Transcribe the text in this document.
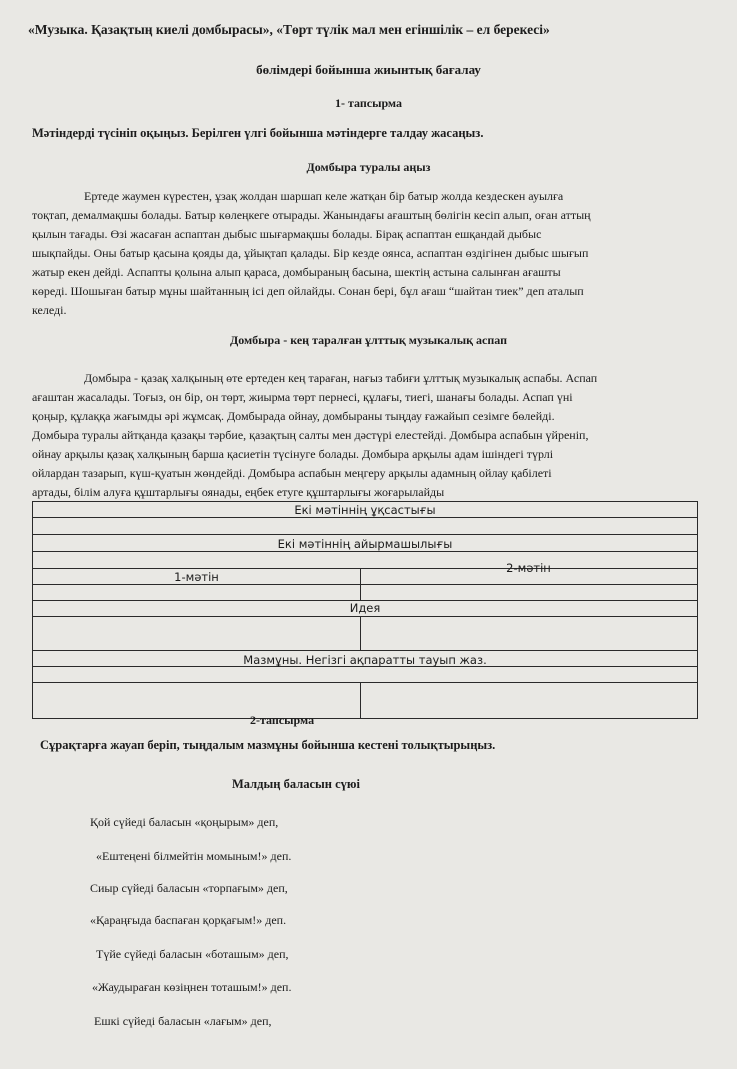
«Музыка. Қазақтың киелі домбырасы», «Төрт түлік мал мен егіншілік – ел берекесі»
бөлімдері бойынша жиынтық бағалау
1- тапсырма
Мәтіндерді түсініп оқыңыз. Берілген үлгі бойынша мәтіндерге талдау жасаңыз.
Домбыра туралы аңыз

Ертеде жаумен күрестен, ұзақ жолдан шаршап келе жатқан бір батыр жолда кездескен ауылға

тоқтап, демалмақшы болады. Батыр көлеңкеге отырады. Жанындағы ағаштың бөлігін кесіп алып, оған аттың

қылын тағады. Өзі жасаған аспаптан дыбыс шығармақшы болады. Бірақ аспаптан ешқандай дыбыс

шықпайды. Оны батыр қасына қояды да, ұйықтап қалады. Бір кезде оянса, аспаптан өздігінен дыбыс шығып

жатыр екен дейді. Аспапты қолына алып қараса, домбыраның басына, шектің астына салынған ағашты

көреді. Шошыған батыр мұны шайтанның ісі деп ойлайды. Сонан бері, бұл ағаш “шайтан тиек” деп аталып

келеді.

Домбыра - кең таралған ұлттық музыкалық аспап

Домбыра - қазақ халқының өте ертеден кең тараған, нағыз табиғи ұлттық музыкалық аспабы. Аспап

ағаштан жасалады. Тоғыз, он бір, он төрт, жиырма төрт пернесі, құлағы, тиегі, шанағы болады. Аспап үні

қоңыр, құлаққа жағымды әрі жұмсақ. Домбырада ойнау, домбыраны тыңдау ғажайып сезімге бөлейді.

Домбыра туралы айтқанда қазақы тәрбие, қазақтың салты мен дәстүрі елестейді. Домбыра аспабын үйреніп,

ойнау арқылы қазақ халқының барша қасиетін түсінуге болады. Домбыра арқылы адам ішіндегі түрлі

ойлардан тазарып, күш-қуатын жөндейді. Домбыра аспабын меңгеру арқылы адамның ойлау қабілеті

артады, білім алуға құштарлығы оянады, еңбек етуге құштарлығы жоғарылайды

Екі мәтіннің ұқсастығы
Екі мәтіннің айырмашылығы
1-мәтін
2-мәтін
Идея
Мазмұны. Негізгі ақпаратты тауып жаз.
2-тапсырма
Сұрақтарға жауап беріп, тыңдалым мазмұны бойынша кестені толықтырыңыз.
Малдың баласын сүюі
Қой сүйеді баласын «қоңырым» деп,
«Ештеңені білмейтін момыным!» деп.
Сиыр сүйеді баласын «торпағым» деп,
«Қараңғыда баспаған қорқағым!» деп.
Түйе сүйеді баласын «боташым» деп,
«Жаудыраған көзіңнен тоташым!» деп.
Ешкі сүйеді баласын «лағым» деп,
